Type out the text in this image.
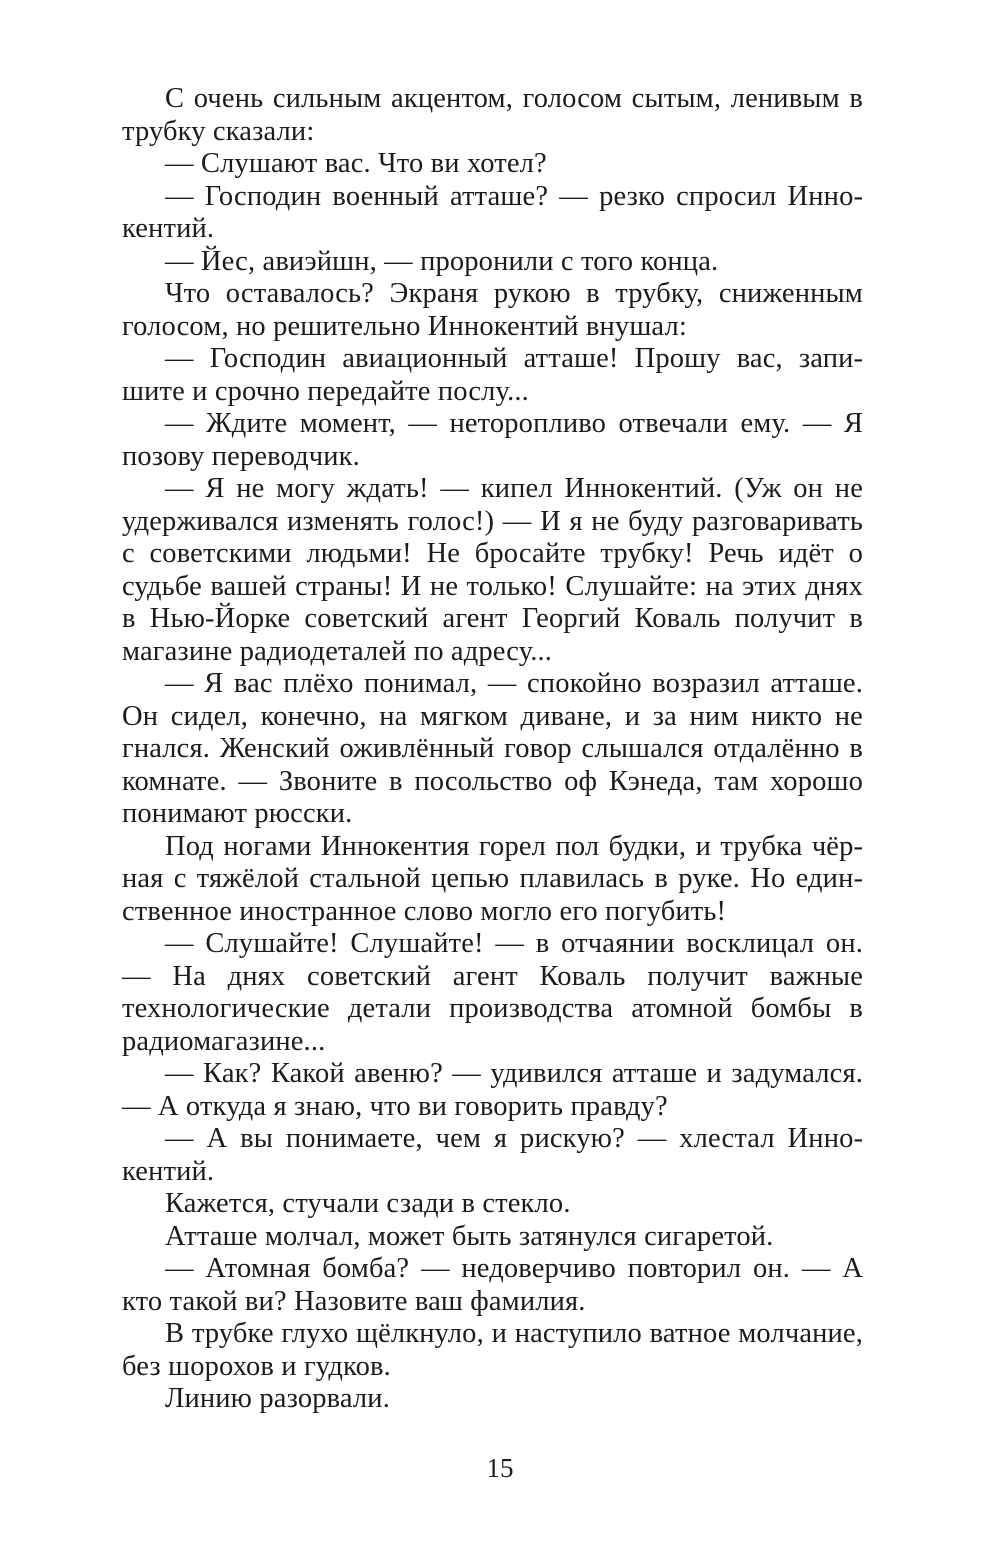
С очень сильным акцентом, голосом сытым, ленивым в трубку сказали:

— Слушают вас. Что ви хотел?

— Господин военный атташе? — резко спросил Иннокентий.

— Йес, авиэйшн, — проронили с того конца.

Что оставалось? Экраня рукою в трубку, сниженным голосом, но решительно Иннокентий внушал:

— Господин авиационный атташе! Прошу вас, запишите и срочно передайте послу...

— Ждите момент, — неторопливо отвечали ему. — Я позову переводчик.

— Я не могу ждать! — кипел Иннокентий. (Уж он не удерживался изменять голос!) — И я не буду разговаривать с советскими людьми! Не бросайте трубку! Речь идёт о судьбе вашей страны! И не только! Слушайте: на этих днях в Нью-Йорке советский агент Георгий Коваль получит в магазине радиодеталей по адресу...

— Я вас плёхо понимал, — спокойно возразил атташе. Он сидел, конечно, на мягком диване, и за ним никто не гнался. Женский оживлённый говор слышался отдалённо в комнате. — Звоните в посольство оф Кэнеда, там хорошо понимают рюсски.

Под ногами Иннокентия горел пол будки, и трубка чёрная с тяжёлой стальной цепью плавилась в руке. Но единственное иностранное слово могло его погубить!

— Слушайте! Слушайте! — в отчаянии восклицал он. — На днях советский агент Коваль получит важные технологические детали производства атомной бомбы в радиомагазине...

— Как? Какой авеню? — удивился атташе и задумался. — А откуда я знаю, что ви говорить правду?

— А вы понимаете, чем я рискую? — хлестал Иннокентий.

Кажется, стучали сзади в стекло.

Атташе молчал, может быть затянулся сигаретой.

— Атомная бомба? — недоверчиво повторил он. — А кто такой ви? Назовите ваш фамилия.

В трубке глухо щёлкнуло, и наступило ватное молчание, без шорохов и гудков.

Линию разорвали.

15
